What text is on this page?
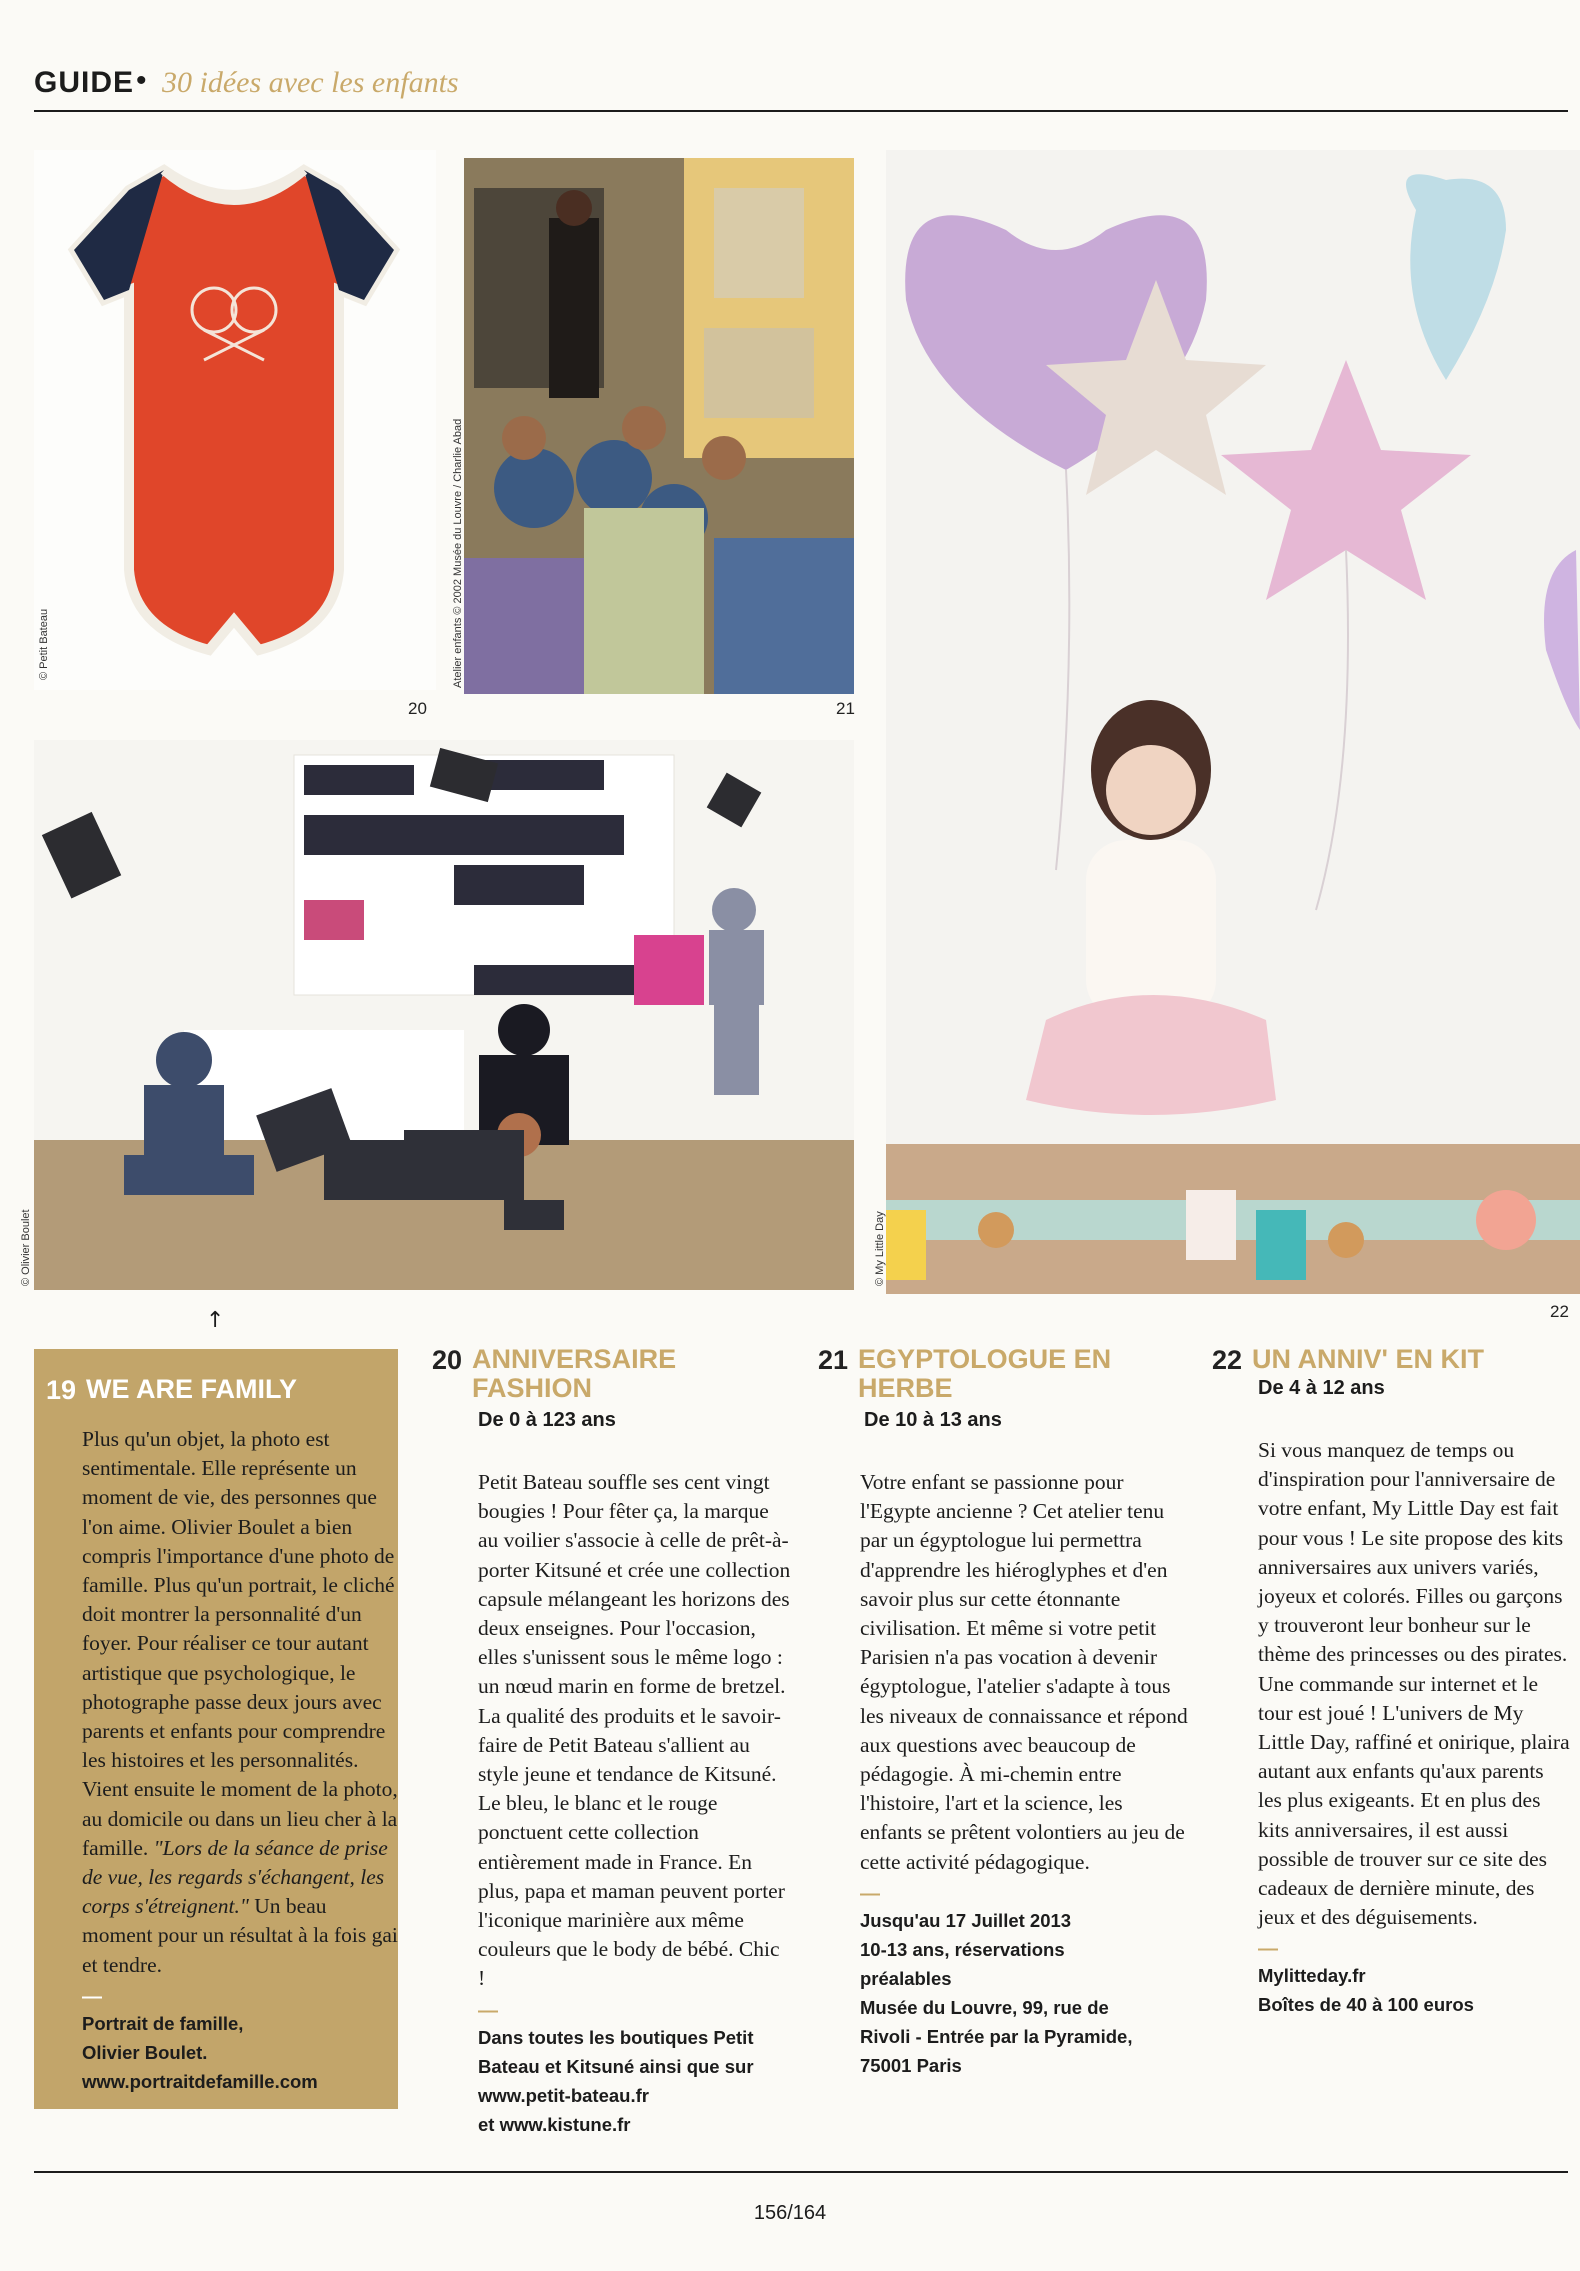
GUIDE • 30 idées avec les enfants
© Petit Bateau
20
Atelier enfants © 2002 Musée du Louvre / Charlie Abad
21
© Olivier Boulet
↑
© My Little Day
22
19 WE ARE FAMILY
Plus qu'un objet, la photo est sentimentale. Elle représente un moment de vie, des personnes que l'on aime. Olivier Boulet a bien compris l'importance d'une photo de famille. Plus qu'un portrait, le cliché doit montrer la personnalité d'un foyer. Pour réaliser ce tour autant artistique que psychologique, le photographe passe deux jours avec parents et enfants pour comprendre les histoires et les personnalités. Vient ensuite le moment de la photo, au domicile ou dans un lieu cher à la famille. "Lors de la séance de prise de vue, les regards s'échangent, les corps s'étreignent." Un beau moment pour un résultat à la fois gai et tendre.
—
Portrait de famille,
Olivier Boulet.
www.portraitdefamille.com
20 ANNIVERSAIRE FASHION
De 0 à 123 ans
Petit Bateau souffle ses cent vingt bougies ! Pour fêter ça, la marque au voilier s'associe à celle de prêt-à-porter Kitsuné et crée une collection capsule mélangeant les horizons des deux enseignes. Pour l'occasion, elles s'unissent sous le même logo : un nœud marin en forme de bretzel. La qualité des produits et le savoir-faire de Petit Bateau s'allient au style jeune et tendance de Kitsuné. Le bleu, le blanc et le rouge ponctuent cette collection entièrement made in France. En plus, papa et maman peuvent porter l'iconique marinière aux même couleurs que le body de bébé. Chic !
—
Dans toutes les boutiques Petit
Bateau et Kitsuné ainsi que sur
www.petit-bateau.fr
et www.kistune.fr
21 EGYPTOLOGUE EN HERBE
De 10 à 13 ans
Votre enfant se passionne pour l'Egypte ancienne ? Cet atelier tenu par un égyptologue lui permettra d'apprendre les hiéroglyphes et d'en savoir plus sur cette étonnante civilisation. Et même si votre petit Parisien n'a pas vocation à devenir égyptologue, l'atelier s'adapte à tous les niveaux de connaissance et répond aux questions avec beaucoup de pédagogie. À mi-chemin entre l'histoire, l'art et la science, les enfants se prêtent volontiers au jeu de cette activité pédagogique.
—
Jusqu'au 17 Juillet 2013
10-13 ans, réservations
préalables
Musée du Louvre, 99, rue de
Rivoli - Entrée par la Pyramide,
75001 Paris
22 UN ANNIV' EN KIT
De 4 à 12 ans
Si vous manquez de temps ou d'inspiration pour l'anniversaire de votre enfant, My Little Day est fait pour vous ! Le site propose des kits anniversaires aux univers variés, joyeux et colorés. Filles ou garçons y trouveront leur bonheur sur le thème des princesses ou des pirates. Une commande sur internet et le tour est joué ! L'univers de My Little Day, raffiné et onirique, plaira autant aux enfants qu'aux parents les plus exigeants. Et en plus des kits anniversaires, il est aussi possible de trouver sur ce site des cadeaux de dernière minute, des jeux et des déguisements.
—
Mylitteday.fr
Boîtes de 40 à 100 euros
156/164
